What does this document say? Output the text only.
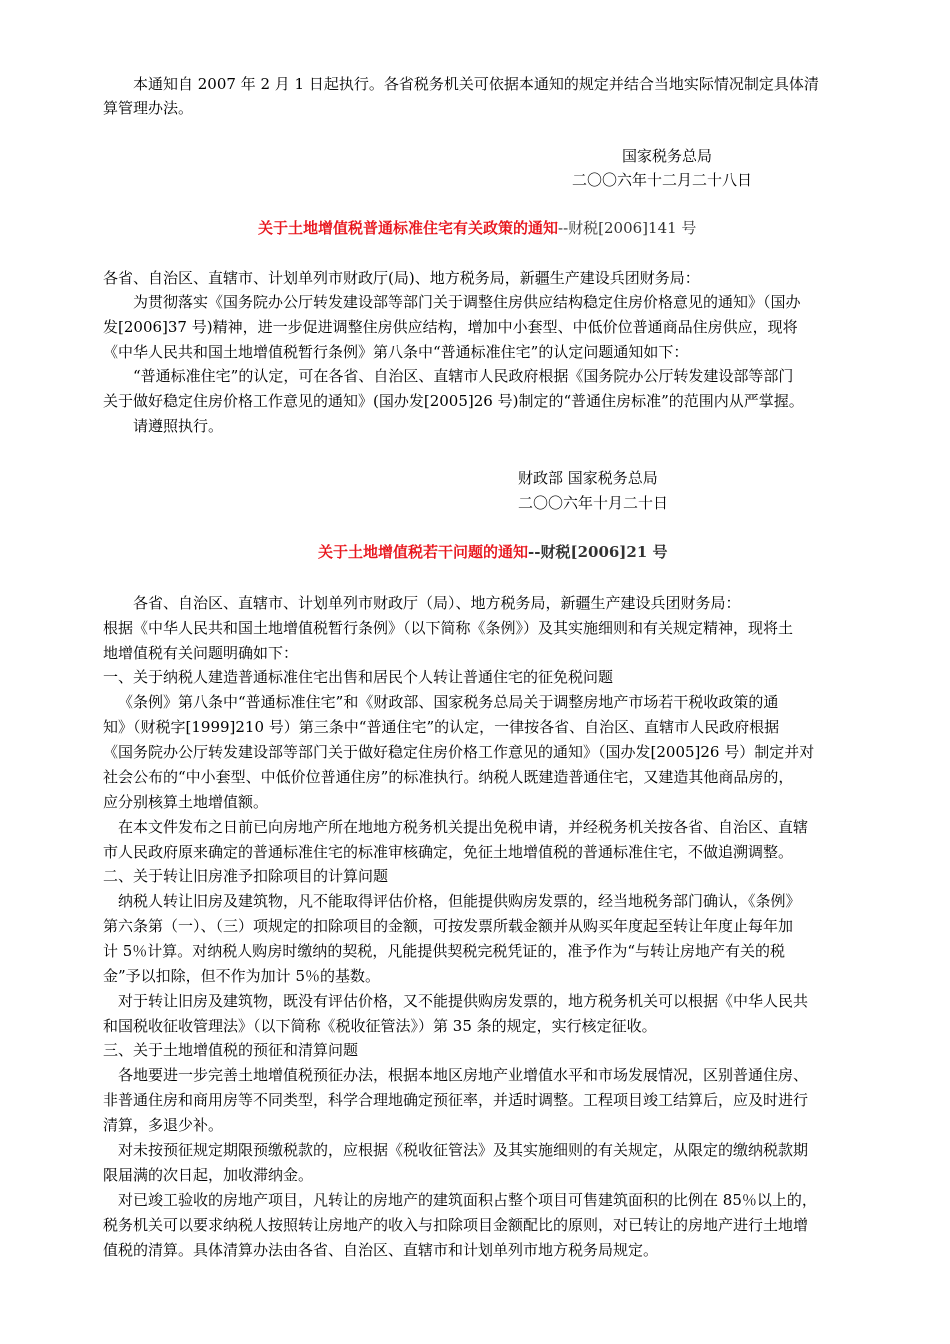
本通知自 2007 年 2 月 1 日起执行。各省税务机关可依据本通知的规定并结合当地实际情况制定具体清
算管理办法。
国家税务总局
二〇〇六年十二月二十八日
关于土地增值税普通标准住宅有关政策的通知--财税[2006]141 号
各省、自治区、直辖市、计划单列市财政厅(局)、地方税务局，新疆生产建设兵团财务局：
为贯彻落实《国务院办公厅转发建设部等部门关于调整住房供应结构稳定住房价格意见的通知》（国办
发[2006]37 号)精神，进一步促进调整住房供应结构，增加中小套型、中低价位普通商品住房供应，现将
《中华人民共和国土地增值税暂行条例》第八条中“普通标准住宅”的认定问题通知如下：
“普通标准住宅”的认定，可在各省、自治区、直辖市人民政府根据《国务院办公厅转发建设部等部门
关于做好稳定住房价格工作意见的通知》(国办发[2005]26 号)制定的“普通住房标准”的范围内从严掌握。
请遵照执行。
财政部 国家税务总局
二〇〇六年十月二十日
关于土地增值税若干问题的通知--财税[2006]21 号
各省、自治区、直辖市、计划单列市财政厅（局）、地方税务局，新疆生产建设兵团财务局：
根据《中华人民共和国土地增值税暂行条例》（以下简称《条例》）及其实施细则和有关规定精神，现将土
地增值税有关问题明确如下：
一、关于纳税人建造普通标准住宅出售和居民个人转让普通住宅的征免税问题
《条例》第八条中“普通标准住宅”和《财政部、国家税务总局关于调整房地产市场若干税收政策的通
知》（财税字[1999]210 号）第三条中“普通住宅”的认定，一律按各省、自治区、直辖市人民政府根据
《国务院办公厅转发建设部等部门关于做好稳定住房价格工作意见的通知》（国办发[2005]26 号）制定并对
社会公布的“中小套型、中低价位普通住房”的标准执行。纳税人既建造普通住宅，又建造其他商品房的，
应分别核算土地增值额。
在本文件发布之日前已向房地产所在地地方税务机关提出免税申请，并经税务机关按各省、自治区、直辖
市人民政府原来确定的普通标准住宅的标准审核确定，免征土地增值税的普通标准住宅，不做追溯调整。
二、关于转让旧房准予扣除项目的计算问题
纳税人转让旧房及建筑物，凡不能取得评估价格，但能提供购房发票的，经当地税务部门确认，《条例》
第六条第（一）、（三）项规定的扣除项目的金额，可按发票所载金额并从购买年度起至转让年度止每年加
计 5％计算。对纳税人购房时缴纳的契税，凡能提供契税完税凭证的，准予作为“与转让房地产有关的税
金”予以扣除，但不作为加计 5％的基数。
对于转让旧房及建筑物，既没有评估价格，又不能提供购房发票的，地方税务机关可以根据《中华人民共
和国税收征收管理法》（以下简称《税收征管法》）第 35 条的规定，实行核定征收。
三、关于土地增值税的预征和清算问题
各地要进一步完善土地增值税预征办法，根据本地区房地产业增值水平和市场发展情况，区别普通住房、
非普通住房和商用房等不同类型，科学合理地确定预征率，并适时调整。工程项目竣工结算后，应及时进行
清算，多退少补。
对未按预征规定期限预缴税款的，应根据《税收征管法》及其实施细则的有关规定，从限定的缴纳税款期
限届满的次日起，加收滞纳金。
对已竣工验收的房地产项目，凡转让的房地产的建筑面积占整个项目可售建筑面积的比例在 85％以上的，
税务机关可以要求纳税人按照转让房地产的收入与扣除项目金额配比的原则，对已转让的房地产进行土地增
值税的清算。具体清算办法由各省、自治区、直辖市和计划单列市地方税务局规定。
